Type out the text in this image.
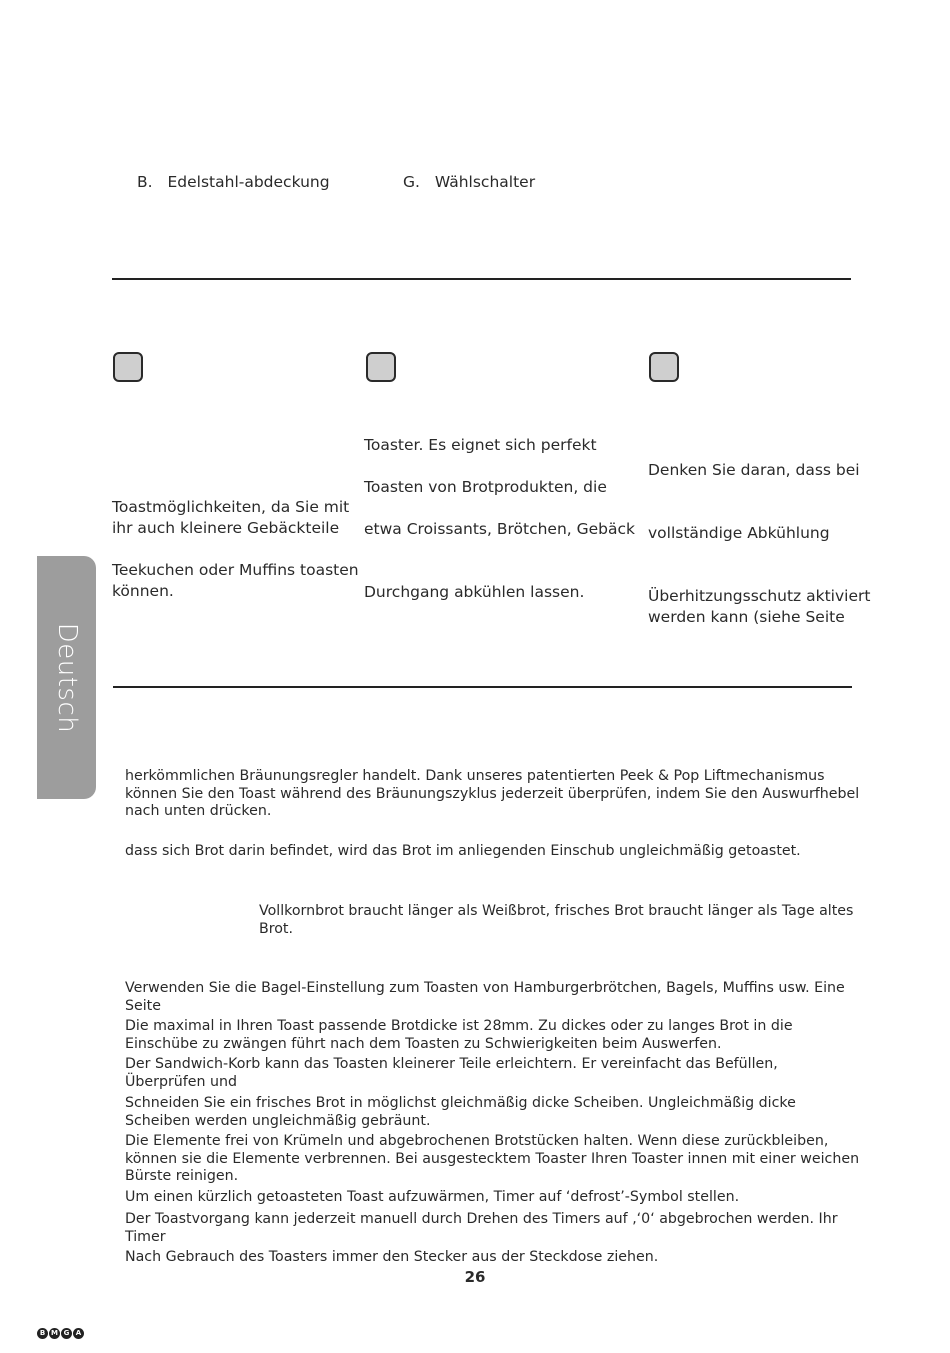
B. Edelstahl-abdeckung	G. Wählschalter
Toastmöglichkeiten, da Sie mit
ihr auch kleinere Gebäckteile
Teekuchen oder Muffins toasten
können.
Toaster. Es eignet sich perfekt
Toasten von Brotprodukten, die
etwa Croissants, Brötchen, Gebäck
Durchgang abkühlen lassen.
Denken Sie daran, dass bei
vollständige Abkühlung
Überhitzungsschutz aktiviert
werden kann (siehe Seite
Deutsch

herkömmlichen Bräunungsregler handelt. Dank unseres patentierten Peek & Pop Liftmechanismus können Sie den Toast während des Bräunungszyklus jederzeit überprüfen, indem Sie den Auswurfhebel nach unten drücken.

dass sich Brot darin befindet, wird das Brot im anliegenden Einschub ungleichmäßig getoastet.

Vollkornbrot braucht länger als Weißbrot, frisches Brot braucht länger als Tage altes Brot.

Verwenden Sie die Bagel-Einstellung zum Toasten von Hamburgerbrötchen, Bagels, Muffins usw. Eine Seite

Die maximal in Ihren Toast passende Brotdicke ist 28mm. Zu dickes oder zu langes Brot in die Einschübe zu zwängen führt nach dem Toasten zu Schwierigkeiten beim Auswerfen.

Der Sandwich-Korb kann das Toasten kleinerer Teile erleichtern. Er vereinfacht das Befüllen, Überprüfen und

Schneiden Sie ein frisches Brot in möglichst gleichmäßig dicke Scheiben. Ungleichmäßig dicke Scheiben werden ungleichmäßig gebräunt.

Die Elemente frei von Krümeln und abgebrochenen Brotstücken halten. Wenn diese zurückbleiben, können sie die Elemente verbrennen. Bei ausgestecktem Toaster Ihren Toaster innen mit einer weichen Bürste reinigen.

Um einen kürzlich getoasteten Toast aufzuwärmen, Timer auf ‘defrost’-Symbol stellen.

Der Toastvorgang kann jederzeit manuell durch Drehen des Timers auf ‚‘0‘ abgebrochen werden. Ihr Timer

Nach Gebrauch des Toasters immer den Stecker aus der Steckdose ziehen.

26
B M G A
